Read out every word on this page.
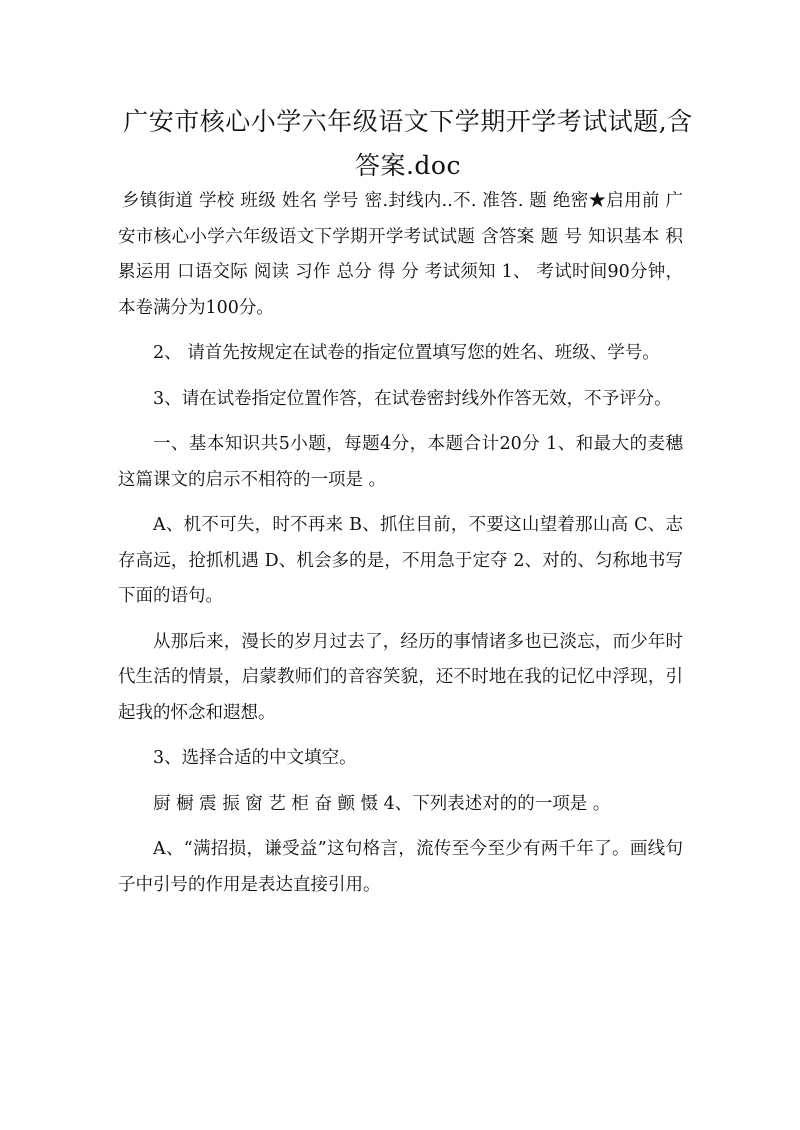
广安市核心小学六年级语文下学期开学考试试题,含答案.doc

乡镇街道 学校 班级 姓名 学号 密.封线内..不. 准答. 题 绝密★启用前 广安市核心小学六年级语文下学期开学考试试题 含答案 题 号 知识基本 积累运用 口语交际 阅读 习作 总分 得 分 考试须知 1、 考试时间90分钟，本卷满分为100分。

2、 请首先按规定在试卷的指定位置填写您的姓名、班级、学号。

3、请在试卷指定位置作答，在试卷密封线外作答无效，不予评分。

一、基本知识共5小题，每题4分，本题合计20分 1、和最大的麦穗这篇课文的启示不相符的一项是 。

A、机不可失，时不再来 B、抓住目前，不要这山望着那山高 C、志存高远，抢抓机遇 D、机会多的是，不用急于定夺 2、对的、匀称地书写下面的语句。

从那后来，漫长的岁月过去了，经历的事情诸多也已淡忘，而少年时代生活的情景，启蒙教师们的音容笑貌，还不时地在我的记忆中浮现，引起我的怀念和遐想。

3、选择合适的中文填空。

厨 橱 震 振 窗 艺 柜 奋 颤 慑 4、下列表述对的的一项是 。

A、“满招损，谦受益”这句格言，流传至今至少有两千年了。画线句子中引号的作用是表达直接引用。
